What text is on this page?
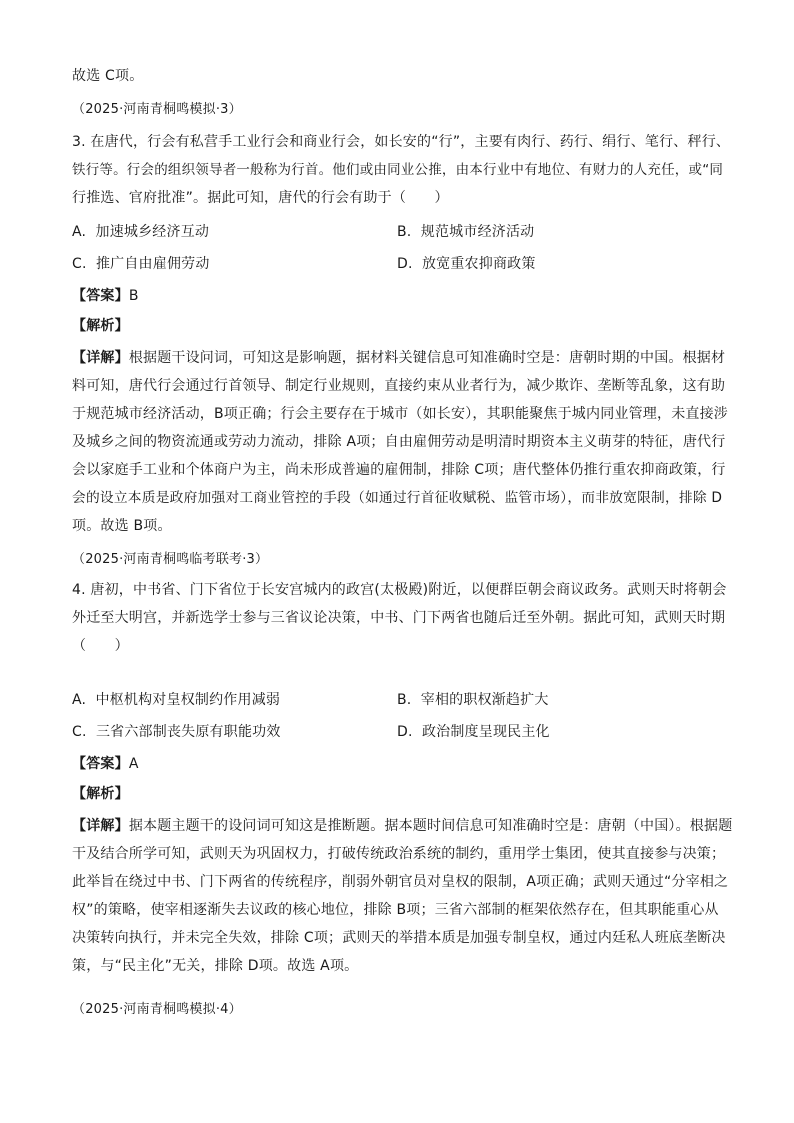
故选 C项。
（2025·河南青桐鸣模拟·3）
3. 在唐代，行会有私营手工业行会和商业行会，如长安的“行”，主要有肉行、药行、绢行、笔行、秤行、
铁行等。行会的组织领导者一般称为行首。他们或由同业公推，由本行业中有地位、有财力的人充任，或“同
行推选、官府批准”。据此可知，唐代的行会有助于（　　）
A. 加速城乡经济互动	B. 规范城市经济活动
C. 推广自由雇佣劳动	D. 放宽重农抑商政策
【答案】B
【解析】
【详解】根据题干设问词，可知这是影响题，据材料关键信息可知准确时空是：唐朝时期的中国。根据材
料可知，唐代行会通过行首领导、制定行业规则，直接约束从业者行为，减少欺诈、垄断等乱象，这有助
于规范城市经济活动，B项正确；行会主要存在于城市（如长安），其职能聚焦于城内同业管理，未直接涉
及城乡之间的物资流通或劳动力流动，排除 A项；自由雇佣劳动是明清时期资本主义萌芽的特征，唐代行
会以家庭手工业和个体商户为主，尚未形成普遍的雇佣制，排除 C项；唐代整体仍推行重农抑商政策，行
会的设立本质是政府加强对工商业管控的手段（如通过行首征收赋税、监管市场），而非放宽限制，排除 D
项。故选 B项。
（2025·河南青桐鸣临考联考·3）
4. 唐初，中书省、门下省位于长安宫城内的政宫(太极殿)附近，以便群臣朝会商议政务。武则天时将朝会
外迁至大明宫，并新选学士参与三省议论决策，中书、门下两省也随后迁至外朝。据此可知，武则天时期
（　　）
A. 中枢机构对皇权制约作用减弱	B. 宰相的职权渐趋扩大
C. 三省六部制丧失原有职能功效	D. 政治制度呈现民主化
【答案】A
【解析】
【详解】据本题主题干的设问词可知这是推断题。据本题时间信息可知准确时空是：唐朝（中国）。根据题
干及结合所学可知，武则天为巩固权力，打破传统政治系统的制约，重用学士集团，使其直接参与决策；
此举旨在绕过中书、门下两省的传统程序，削弱外朝官员对皇权的限制，A项正确；武则天通过“分宰相之
权”的策略，使宰相逐渐失去议政的核心地位，排除 B项；三省六部制的框架依然存在，但其职能重心从
决策转向执行，并未完全失效，排除 C项；武则天的举措本质是加强专制皇权，通过内廷私人班底垄断决
策，与“民主化”无关，排除 D项。故选 A项。
（2025·河南青桐鸣模拟·4）
